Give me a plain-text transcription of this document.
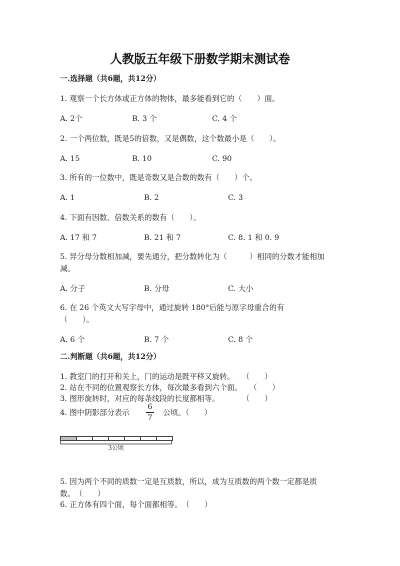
人教版五年级下册数学期末测试卷
一.选择题（共6题，共12分）
1. 观察一个长方体或正方体的物体，最多能看到它的（　　）面。
A. 2个	B. 3 个	C. 4 个
2. 一个两位数，既是5的倍数，又是偶数，这个数最小是（　　）。
A. 15	B. 10	C. 90
3. 所有的一位数中，既是奇数又是合数的数有（　　）个。
A. 1	B. 2	C. 3
4. 下面有因数、倍数关系的数有（　　）。
A. 17 和 7	B. 21 和 7	C. 8. 1 和 0. 9
5. 异分母分数相加减，要先通分，把分数转化为（　　　）相同的分数才能相加
减。
A. 分子	B. 分母	C. 大小
6. 在 26 个英文大写字母中，通过旋转 180°后能与原字母重合的有
（　　）。
A. 6 个	B. 7 个	C. 8 个
二.判断题（共6题，共12分）
1. 教室门的打开和关上，门的运动是既平移又旋转。　　（　　）
2. 站在不同的位置观察长方体，每次最多看到六个面。　　（　　）
3. 图形旋转时，对应的每条线段的长度都相等。　　　　（　　）
4. 图中阴影部分表示
6
7
公顷。（　　）
3公顷
5. 因为两个不同的质数一定是互质数，所以，成为互质数的两个数一定都是质
数。　（　　）
6. 正方体有四个面，每个面都相等。　（　　）
